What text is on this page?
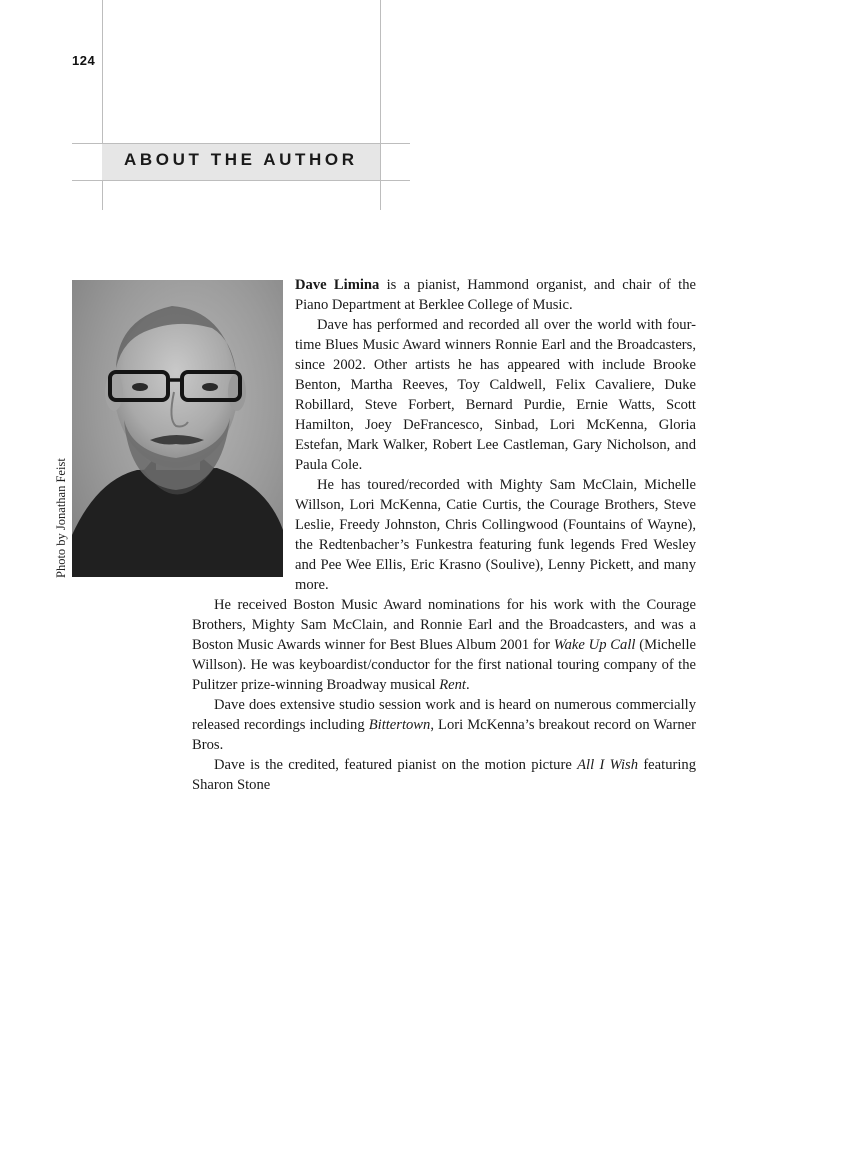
124
ABOUT THE AUTHOR
Photo by Jonathan Feist

Dave Limina is a pianist, Hammond organist, and chair of the Piano Department at Berklee College of Music.

Dave has performed and recorded all over the world with four-time Blues Music Award winners Ronnie Earl and the Broadcasters, since 2002. Other artists he has appeared with include Brooke Benton, Martha Reeves, Toy Caldwell, Felix Cavaliere, Duke Robillard, Steve Forbert, Bernard Purdie, Ernie Watts, Scott Hamilton, Joey DeFrancesco, Sinbad, Lori McKenna, Gloria Estefan, Mark Walker, Robert Lee Castleman, Gary Nicholson, and Paula Cole.

He has toured/recorded with Mighty Sam McClain, Michelle Willson, Lori McKenna, Catie Curtis, the Courage Brothers, Steve Leslie, Freedy Johnston, Chris Collingwood (Fountains of Wayne), the Redtenbacher’s Funkestra featuring funk legends Fred Wesley and Pee Wee Ellis, Eric Krasno (Soulive), Lenny Pickett, and many more.

He received Boston Music Award nominations for his work with the Courage Brothers, Mighty Sam McClain, and Ronnie Earl and the Broadcasters, and was a Boston Music Awards winner for Best Blues Album 2001 for Wake Up Call (Michelle Willson). He was keyboardist/conductor for the first national touring company of the Pulitzer prize-winning Broadway musical Rent.

Dave does extensive studio session work and is heard on numerous commercially released recordings including Bittertown, Lori McKenna’s breakout record on Warner Bros.

Dave is the credited, featured pianist on the motion picture All I Wish featuring Sharon Stone
